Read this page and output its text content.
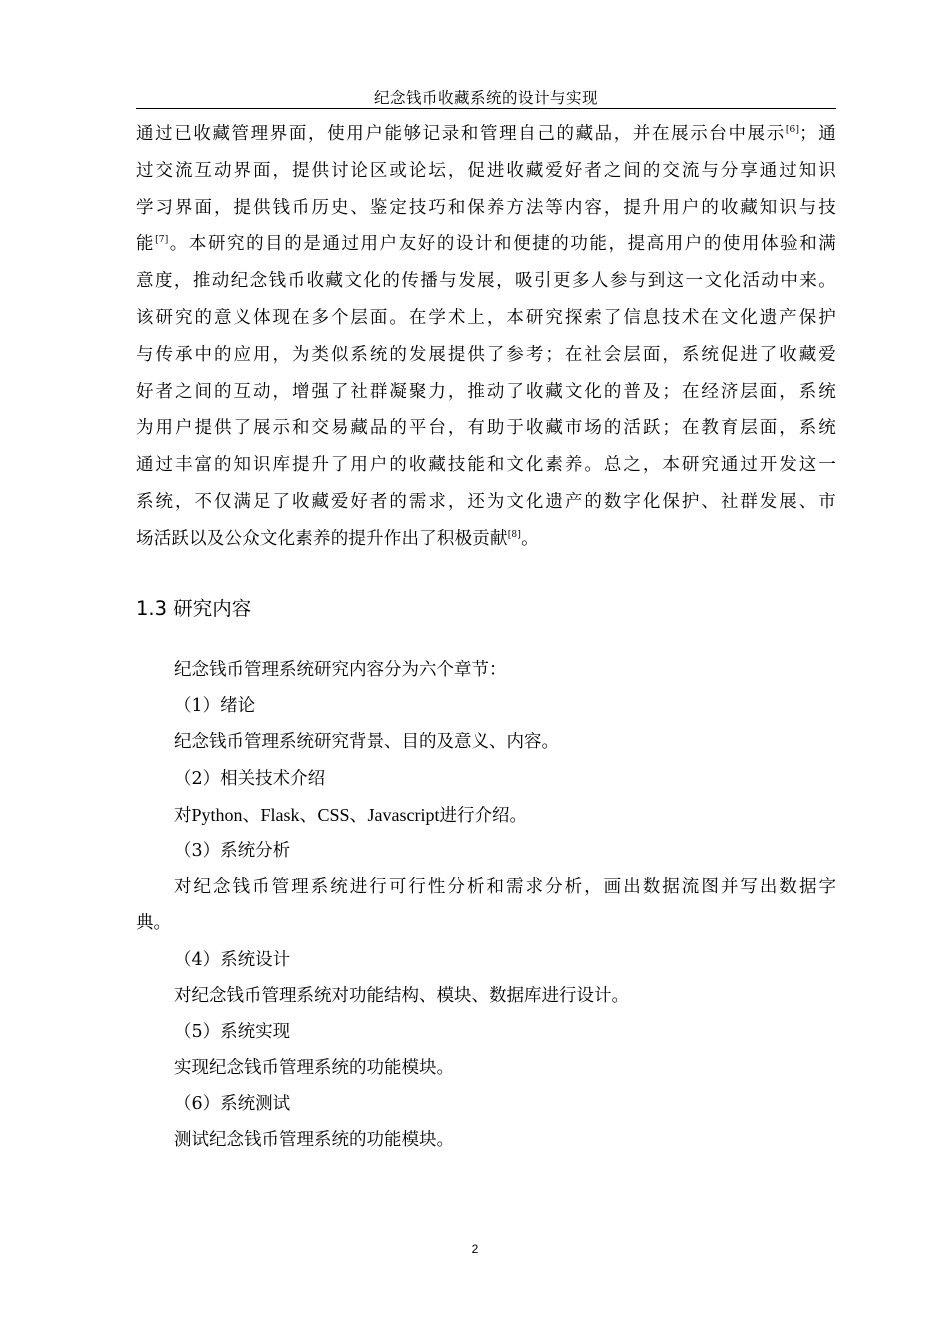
纪念钱币收藏系统的设计与实现
通过已收藏管理界面，使用户能够记录和管理自己的藏品，并在展示台中展示[6]；通
过交流互动界面，提供讨论区或论坛，促进收藏爱好者之间的交流与分享通过知识
学习界面，提供钱币历史、鉴定技巧和保养方法等内容，提升用户的收藏知识与技
能[7]。本研究的目的是通过用户友好的设计和便捷的功能，提高用户的使用体验和满
意度，推动纪念钱币收藏文化的传播与发展，吸引更多人参与到这一文化活动中来。
该研究的意义体现在多个层面。在学术上，本研究探索了信息技术在文化遗产保护
与传承中的应用，为类似系统的发展提供了参考；在社会层面，系统促进了收藏爱
好者之间的互动，增强了社群凝聚力，推动了收藏文化的普及；在经济层面，系统
为用户提供了展示和交易藏品的平台，有助于收藏市场的活跃；在教育层面，系统
通过丰富的知识库提升了用户的收藏技能和文化素养。总之，本研究通过开发这一
系统，不仅满足了收藏爱好者的需求，还为文化遗产的数字化保护、社群发展、市
场活跃以及公众文化素养的提升作出了积极贡献[8]。
1.3 研究内容
纪念钱币管理系统研究内容分为六个章节：
（1）绪论
纪念钱币管理系统研究背景、目的及意义、内容。
（2）相关技术介绍
对Python、Flask、CSS、Javascript进行介绍。
（3）系统分析
对纪念钱币管理系统进行可行性分析和需求分析，画出数据流图并写出数据字
典。
（4）系统设计
对纪念钱币管理系统对功能结构、模块、数据库进行设计。
（5）系统实现
实现纪念钱币管理系统的功能模块。
（6）系统测试
测试纪念钱币管理系统的功能模块。
2
